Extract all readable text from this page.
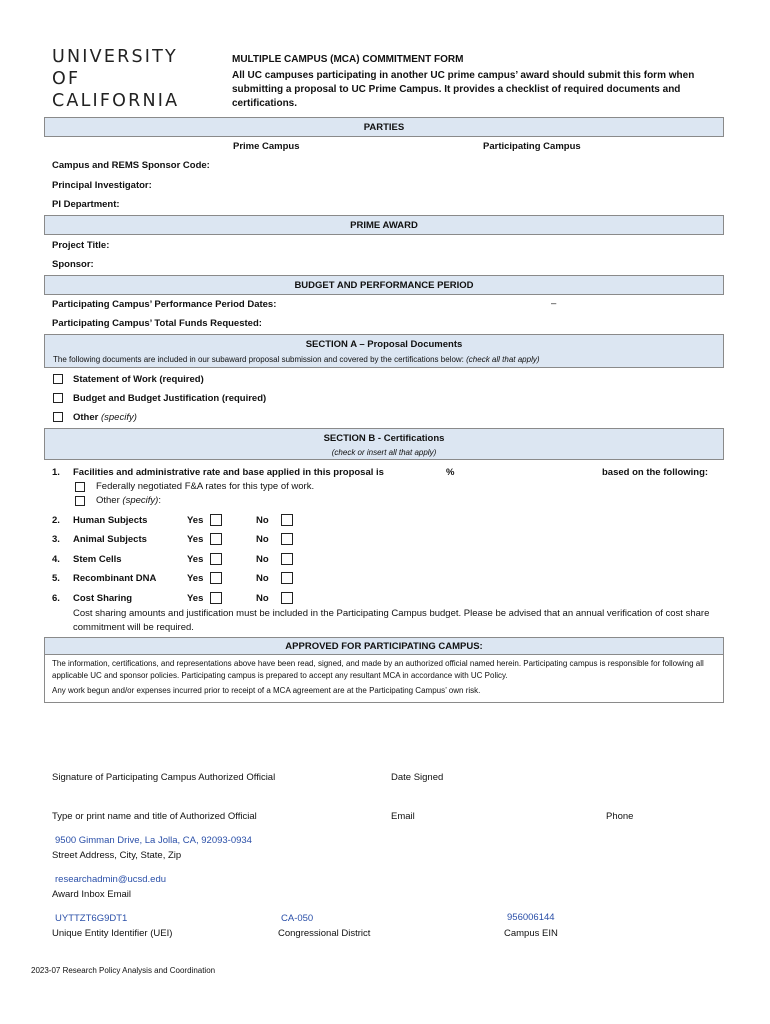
UNIVERSITY
OF
CALIFORNIA
MULTIPLE CAMPUS (MCA) COMMITMENT FORM
All UC campuses participating in another UC prime campus’ award should submit this form when submitting a proposal to UC Prime Campus. It provides a checklist of required documents and certifications.
PARTIES
Prime Campus	Participating Campus
Campus and REMS Sponsor Code:
Principal Investigator:
PI Department:
PRIME AWARD
Project Title:
Sponsor:
BUDGET AND PERFORMANCE PERIOD
Participating Campus’ Performance Period Dates:	–
Participating Campus’ Total Funds Requested:
SECTION A – Proposal Documents
The following documents are included in our subaward proposal submission and covered by the certifications below: (check all that apply)
Statement of Work (required)
Budget and Budget Justification (required)
Other (specify)
SECTION B - Certifications
(check or insert all that apply)
1. Facilities and administrative rate and base applied in this proposal is	%	based on the following:
Federally negotiated F&A rates for this type of work.
Other (specify):
2. Human Subjects	Yes	No
3. Animal Subjects	Yes	No
4. Stem Cells	Yes	No
5. Recombinant DNA	Yes	No
6. Cost Sharing	Yes	No
Cost sharing amounts and justification must be included in the Participating Campus budget. Please be advised that an annual verification of cost share commitment will be required.
APPROVED FOR PARTICIPATING CAMPUS:
The information, certifications, and representations above have been read, signed, and made by an authorized official named herein. Participating campus is responsible for following all applicable UC and sponsor policies. Participating campus is prepared to accept any resultant MCA in accordance with UC Policy.
Any work begun and/or expenses incurred prior to receipt of a MCA agreement are at the Participating Campus’ own risk.
Signature of Participating Campus Authorized Official	Date Signed
Type or print name and title of Authorized Official	Email	Phone
9500 Gimman Drive, La Jolla, CA, 92093-0934
Street Address, City, State, Zip
researchadmin@ucsd.edu
Award Inbox Email
UYTTZT6G9DT1
Unique Entity Identifier (UEI)
CA-050
Congressional District
956006144
Campus EIN
2023-07 Research Policy Analysis and Coordination
